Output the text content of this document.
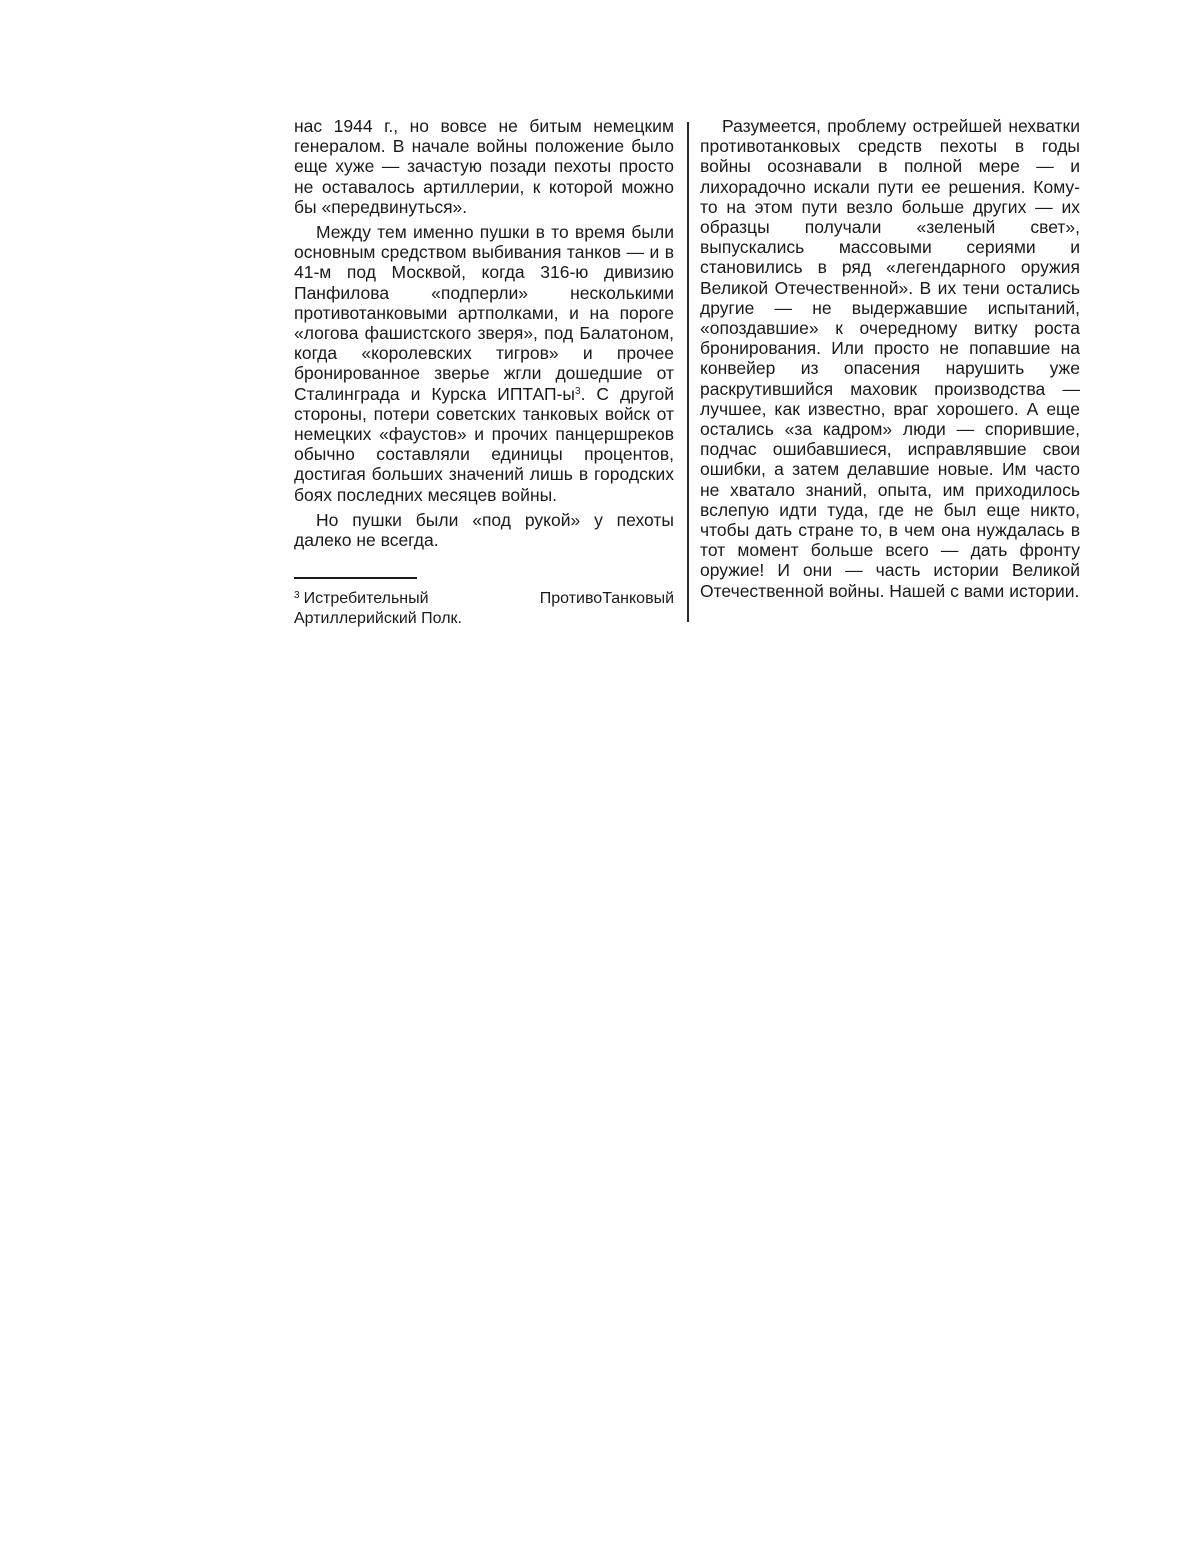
нас 1944 г., но вовсе не битым немецким генералом. В начале войны положение было еще хуже — зачастую позади пехоты просто не оставалось артиллерии, к которой можно бы «передвинуться».

Между тем именно пушки в то время были основным средством выбивания танков — и в 41-м под Москвой, когда 316-ю дивизию Панфилова «подперли» несколькими противотанковыми артполками, и на пороге «логова фашистского зверя», под Балатоном, когда «королевских тигров» и прочее бронированное зверье жгли дошедшие от Сталинграда и Курска ИПТАП-ы$^3$. С другой стороны, потери советских танковых войск от немецких «фаустов» и прочих панцершреков обычно составляли единицы процентов, достигая больших значений лишь в городских боях последних месяцев войны.

Но пушки были «под рукой» у пехоты далеко не всегда.

$^3$ Истребительный ПротивоТанковый Артиллерийский Полк.

Разумеется, проблему острейшей нехватки противотанковых средств пехоты в годы войны осознавали в полной мере — и лихорадочно искали пути ее решения. Кому-то на этом пути везло больше других — их образцы получали «зеленый свет», выпускались массовыми сериями и становились в ряд «легендарного оружия Великой Отечественной». В их тени остались другие — не выдержавшие испытаний, «опоздавшие» к очередному витку роста бронирования. Или просто не попавшие на конвейер из опасения нарушить уже раскрутившийся маховик производства — лучшее, как известно, враг хорошего. А еще остались «за кадром» люди — спорившие, подчас ошибавшиеся, исправлявшие свои ошибки, а затем делавшие новые. Им часто не хватало знаний, опыта, им приходилось вслепую идти туда, где не был еще никто, чтобы дать стране то, в чем она нуждалась в тот момент больше всего — дать фронту оружие! И они — часть истории Великой Отечественной войны. Нашей с вами истории.
